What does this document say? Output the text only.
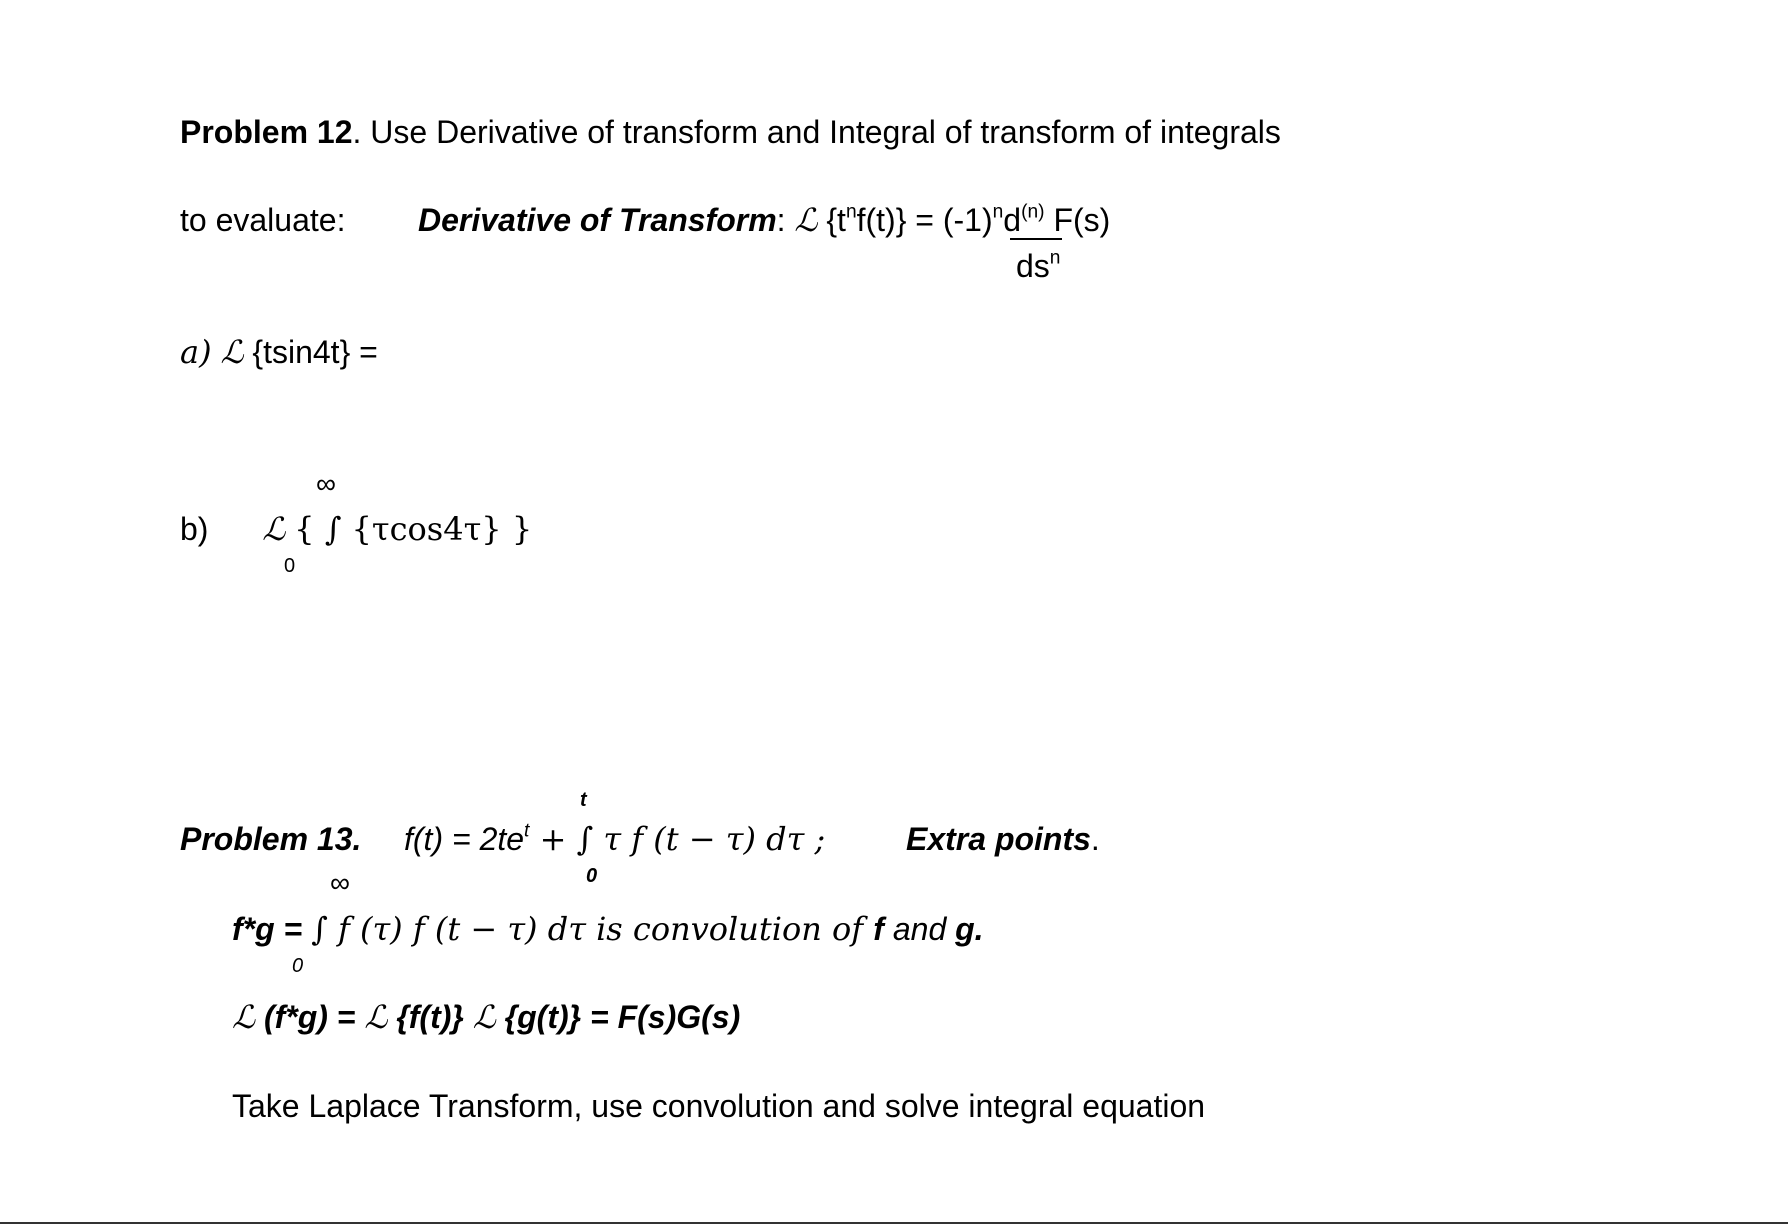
Problem 12. Use Derivative of transform and Integral of transform of integrals
to evaluate: Derivative of Transform: ℒ $\{t^nf(t)\} = (-1)^nd^{(n)}$ F(s)
$ds^n$
a) ℒ {tsin4t} =
∞
b) ℒ { ∫ {τcos4τ} }
0
t
Problem 13. $f(t) = 2te^t$ + ∫ τ f (t − τ) dτ ;
0
Extra points.
∞
f*g = ∫ f (τ) f (t − τ) dτ is convolution of f and g.
0
ℒ (f*g) = ℒ {f(t)} ℒ {g(t)} = F(s)G(s)
Take Laplace Transform, use convolution and solve integral equation
